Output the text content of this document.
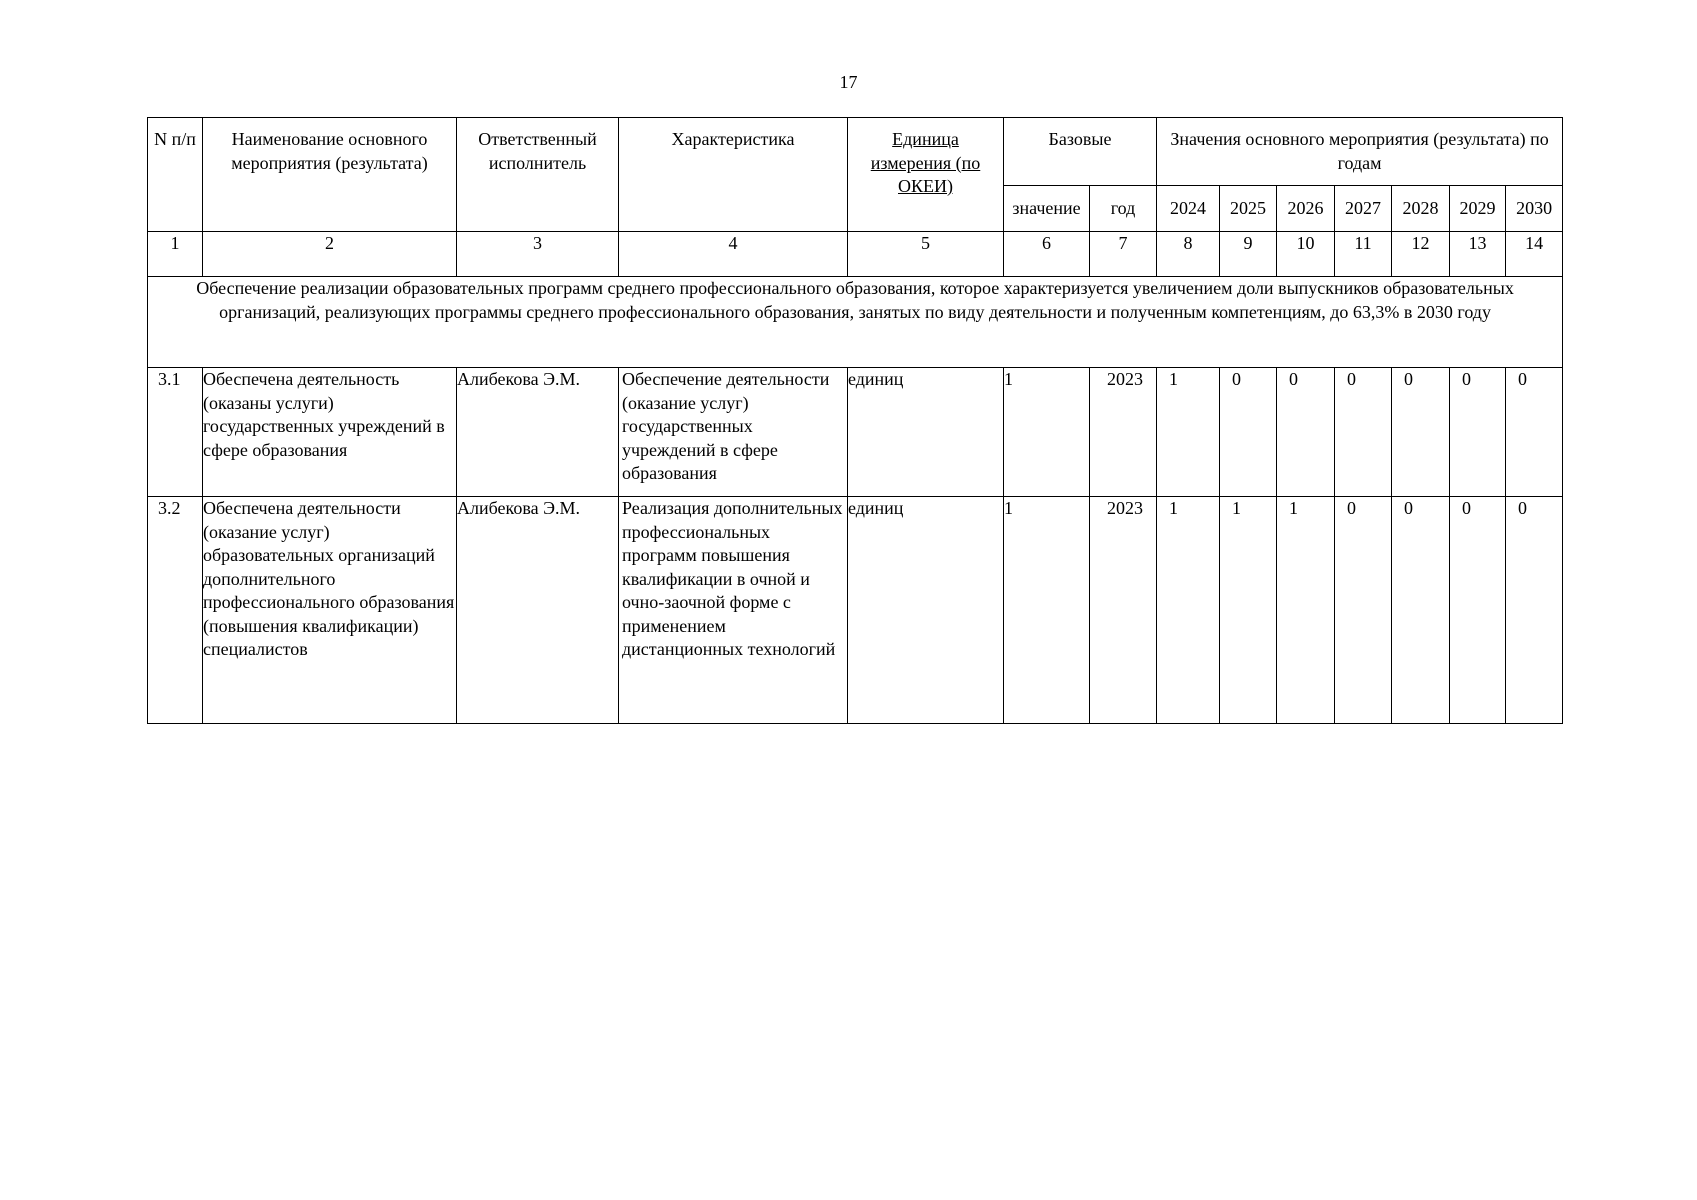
17
N п/п	Наименование основного мероприятия (результата)	Ответственный исполнитель	Характеристика	Единица измерения (по ОКЕИ)	Базовые		Значения основного мероприятия (результата) по годам						
					значение	год	2024	2025	2026	2027	2028	2029	2030
1	2	3	4	5	6	7	8	9	10	11	12	13	14
Обеспечение реализации образовательных программ среднего профессионального образования, которое характеризуется увеличением доли выпускников образовательных организаций, реализующих программы среднего профессионального образования, занятых по виду деятельности и полученным компетенциям, до 63,3% в 2030 году													
3.1	Обеспечена деятельность (оказаны услуги) государственных учреждений в сфере образования	Алибекова Э.М.	Обеспечение деятельности (оказание услуг) государственных учреждений в сфере образования	единиц	1	2023	1	0	0	0	0	0	0
3.2	Обеспечена деятельности (оказание услуг) образовательных организаций дополнительного профессионального образования (повышения квалификации) специалистов	Алибекова Э.М.	Реализация дополнительных профессиональных программ повышения квалификации в очной и очно-заочной форме с применением дистанционных технологий	единиц	1	2023	1	1	1	0	0	0	0
